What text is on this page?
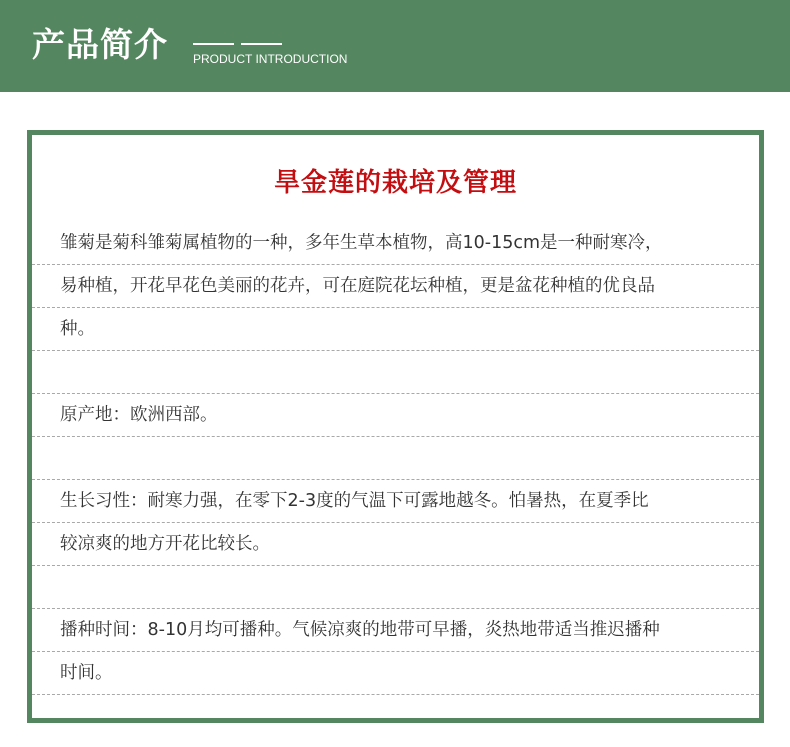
产品简介 PRODUCT INTRODUCTION
旱金莲的栽培及管理
雏菊是菊科雏菊属植物的一种，多年生草本植物，高10-15cm是一种耐寒冷，
易种植，开花早花色美丽的花卉，可在庭院花坛种植，更是盆花种植的优良品
种。
原产地：欧洲西部。
生长习性：耐寒力强，在零下2-3度的气温下可露地越冬。怕暑热，在夏季比
较凉爽的地方开花比较长。
播种时间：8-10月均可播种。气候凉爽的地带可早播，炎热地带适当推迟播种
时间。
